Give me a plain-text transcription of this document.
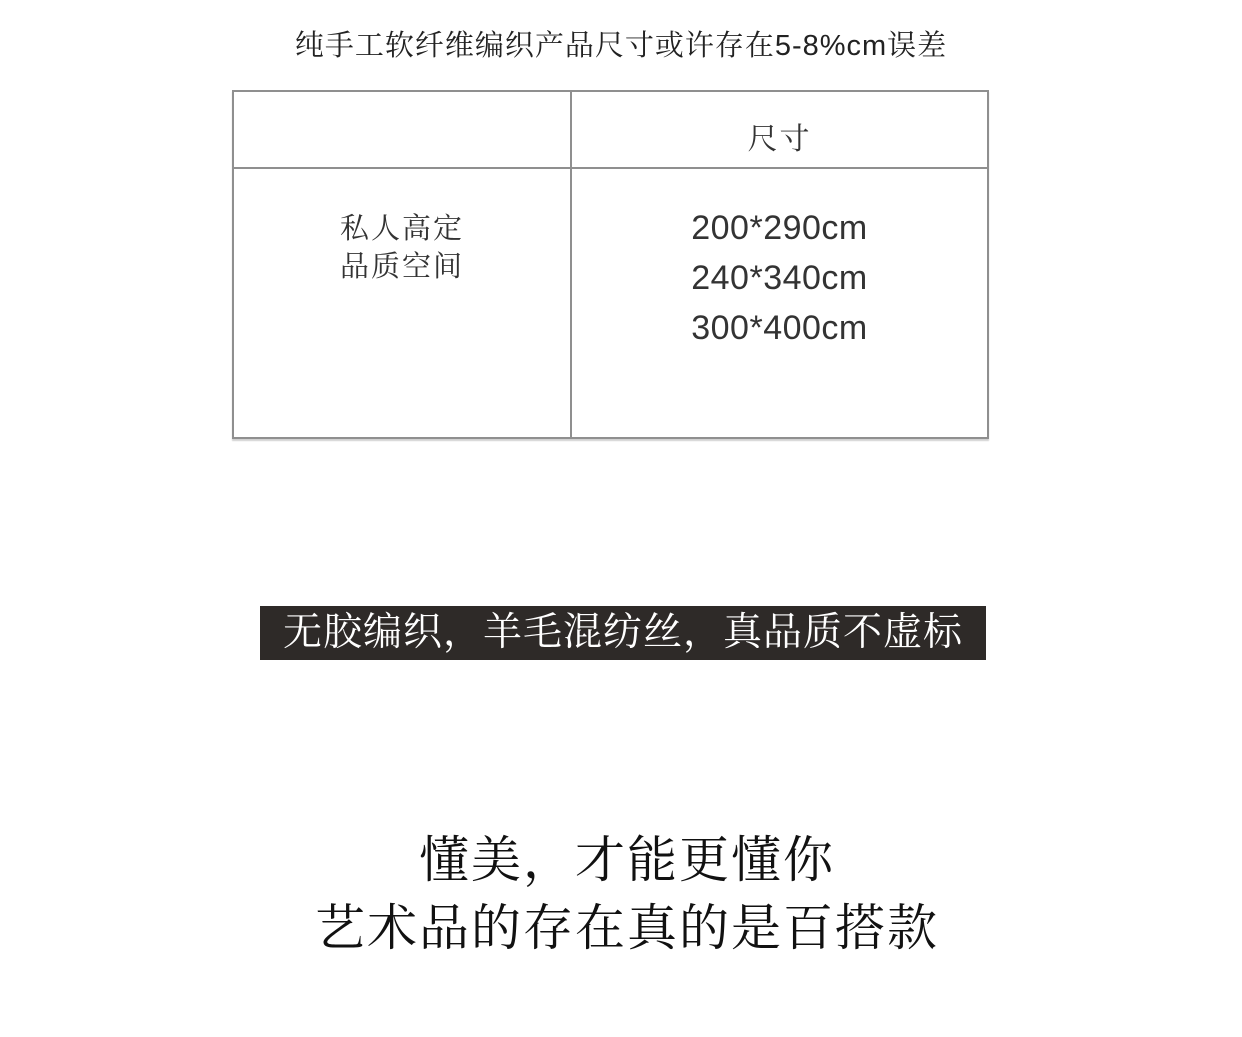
纯手工软纤维编织产品尺寸或许存在5-8%cm误差
尺寸
私人高定
品质空间
200*290cm
240*340cm
300*400cm
无胶编织，羊毛混纺丝，真品质不虚标
懂美，才能更懂你
艺术品的存在真的是百搭款
